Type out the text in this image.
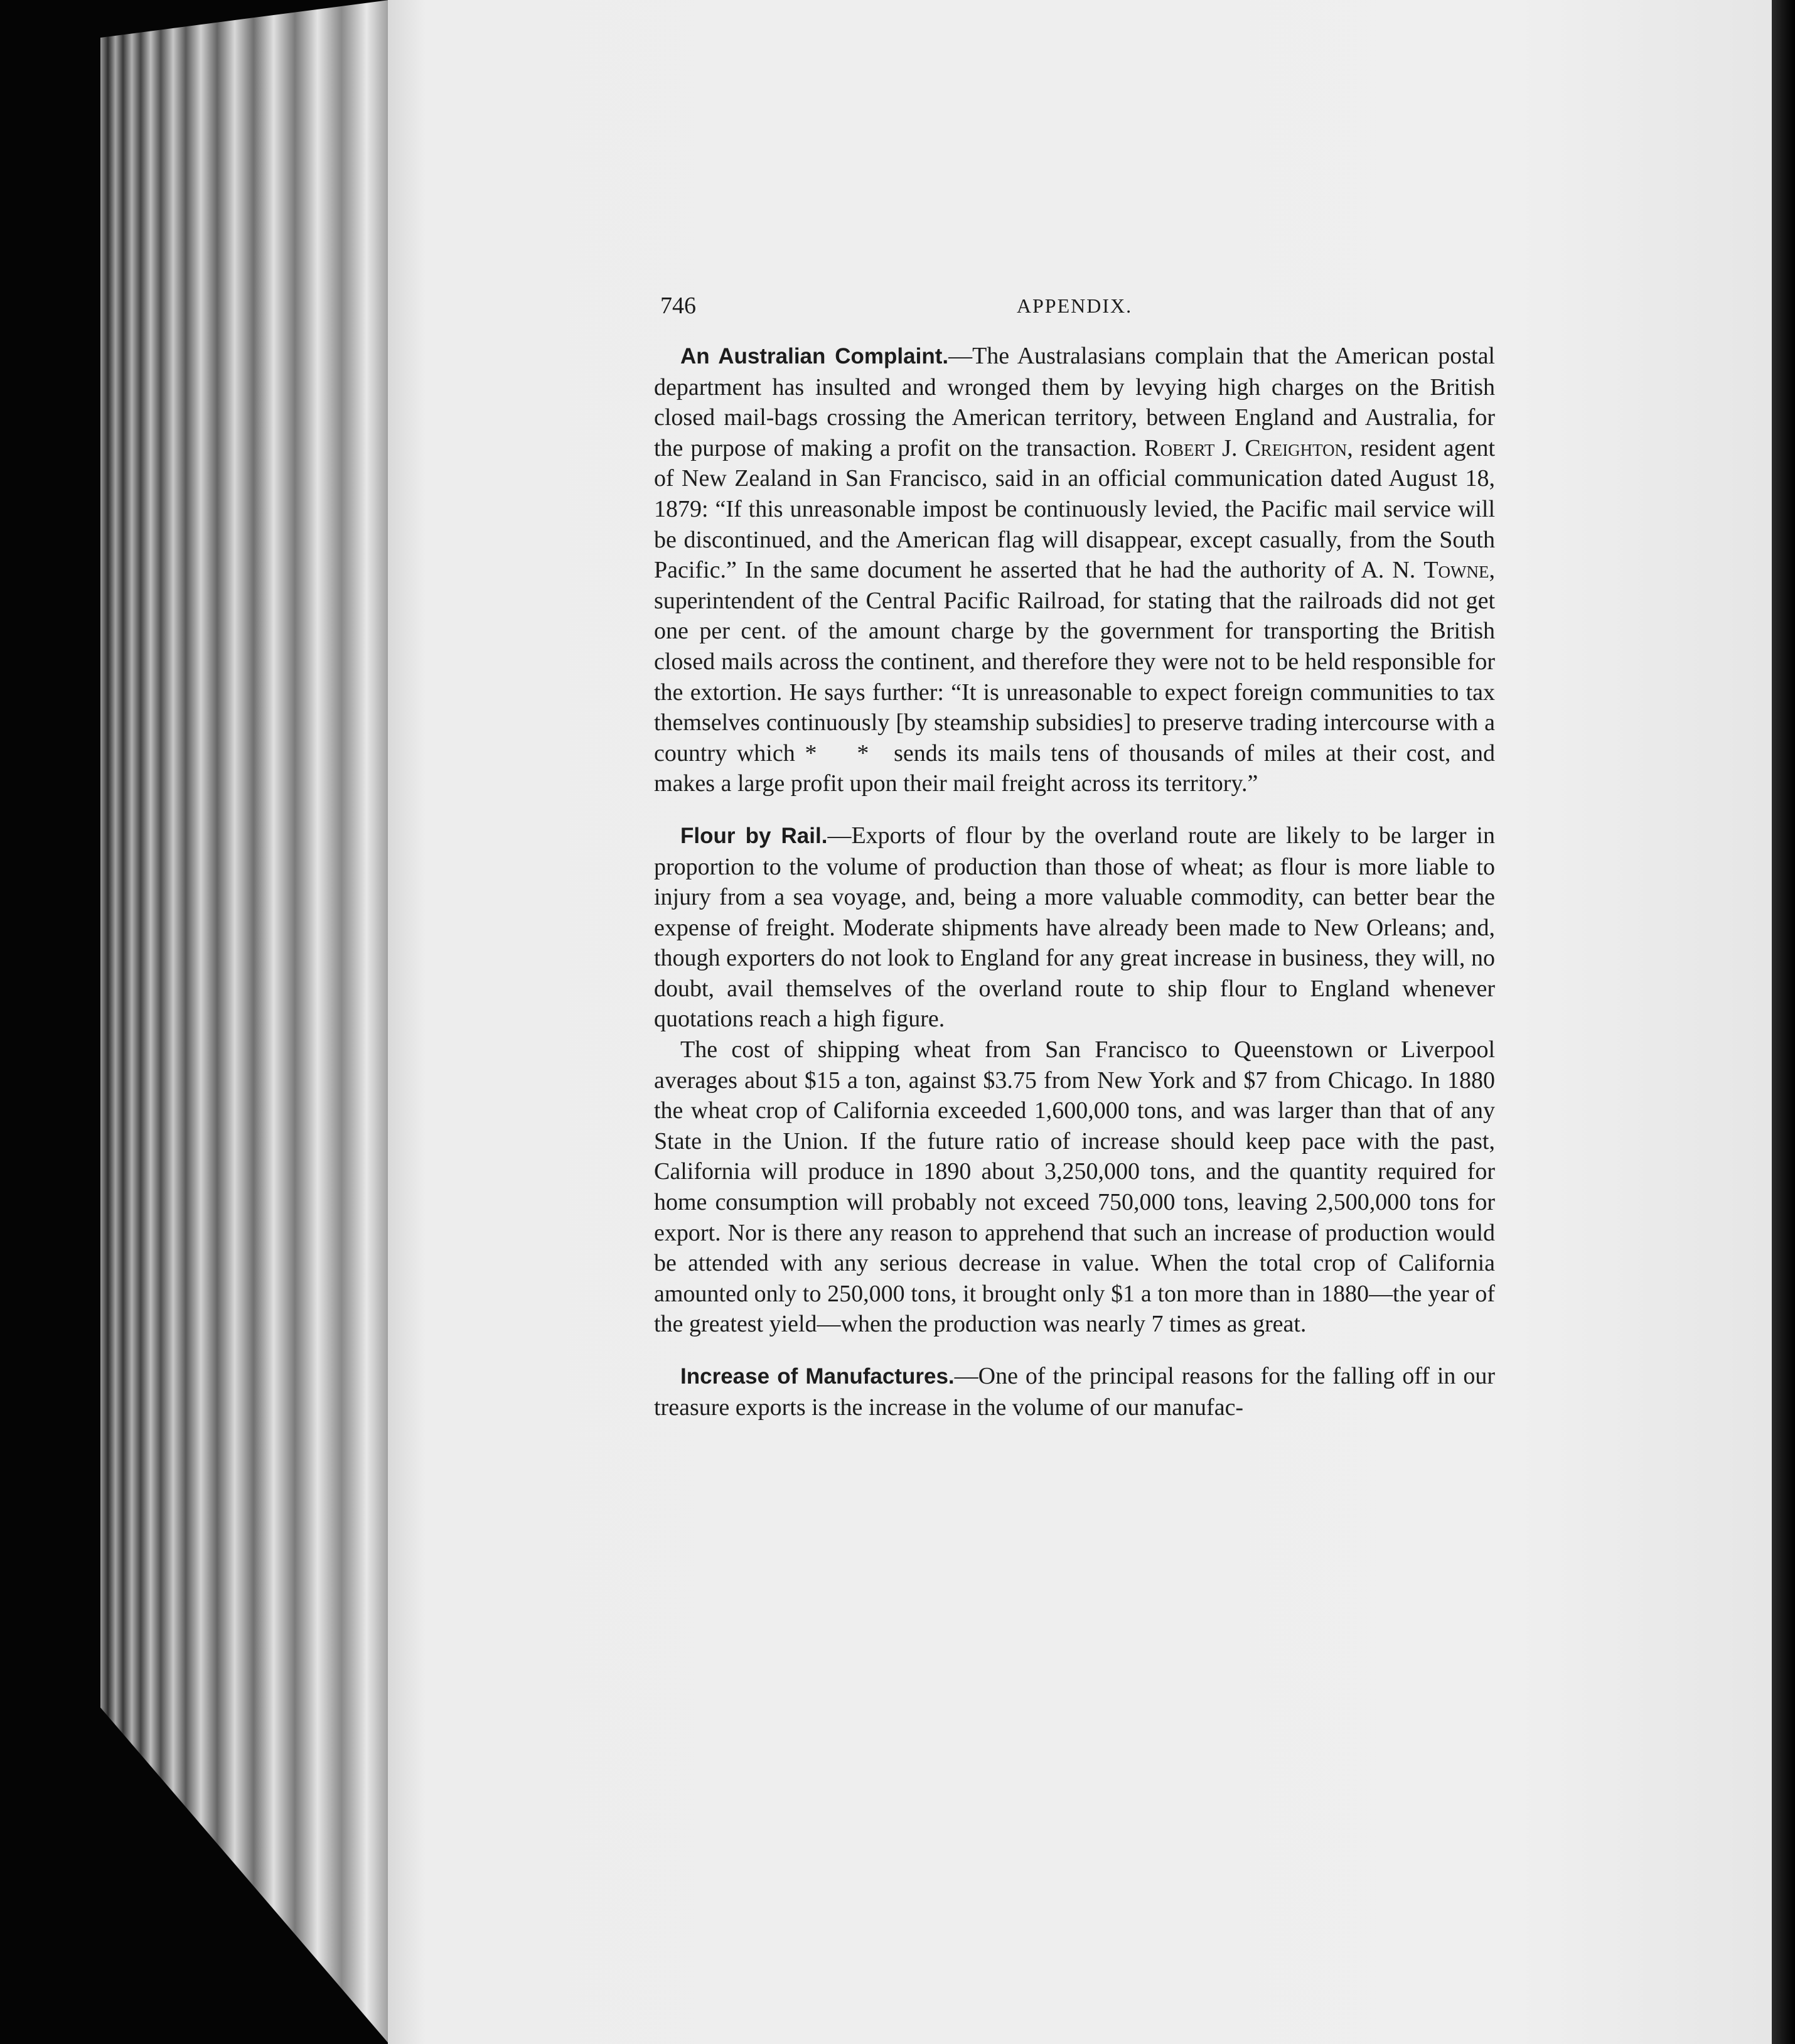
746	APPENDIX.

An Australian Complaint.—The Australasians complain that the American postal department has insulted and wronged them by levying high charges on the British closed mail-bags crossing the American territory, between England and Australia, for the purpose of making a profit on the transaction. Robert J. Creighton, resident agent of New Zealand in San Francisco, said in an official communication dated August 18, 1879: “If this unreasonable impost be continuously levied, the Pacific mail service will be discontinued, and the American flag will disappear, except casually, from the South Pacific.” In the same document he asserted that he had the authority of A. N. Towne, superintendent of the Central Pacific Railroad, for stating that the railroads did not get one per cent. of the amount charge by the government for transporting the British closed mails across the continent, and therefore they were not to be held responsible for the extortion. He says further: “It is unreasonable to expect foreign communities to tax themselves continuously [by steamship subsidies] to preserve trading intercourse with a country which * * sends its mails tens of thousands of miles at their cost, and makes a large profit upon their mail freight across its territory.”

Flour by Rail.—Exports of flour by the overland route are likely to be larger in proportion to the volume of production than those of wheat; as flour is more liable to injury from a sea voyage, and, being a more valuable commodity, can better bear the expense of freight. Moderate shipments have already been made to New Orleans; and, though exporters do not look to England for any great increase in business, they will, no doubt, avail themselves of the overland route to ship flour to England whenever quotations reach a high figure.

The cost of shipping wheat from San Francisco to Queenstown or Liverpool averages about $15 a ton, against $3.75 from New York and $7 from Chicago. In 1880 the wheat crop of California exceeded 1,600,000 tons, and was larger than that of any State in the Union. If the future ratio of increase should keep pace with the past, California will produce in 1890 about 3,250,000 tons, and the quantity required for home consumption will probably not exceed 750,000 tons, leaving 2,500,000 tons for export. Nor is there any reason to apprehend that such an increase of production would be attended with any serious decrease in value. When the total crop of California amounted only to 250,000 tons, it brought only $1 a ton more than in 1880—the year of the greatest yield—when the production was nearly 7 times as great.

Increase of Manufactures.—One of the principal reasons for the falling off in our treasure exports is the increase in the volume of our manufac-
